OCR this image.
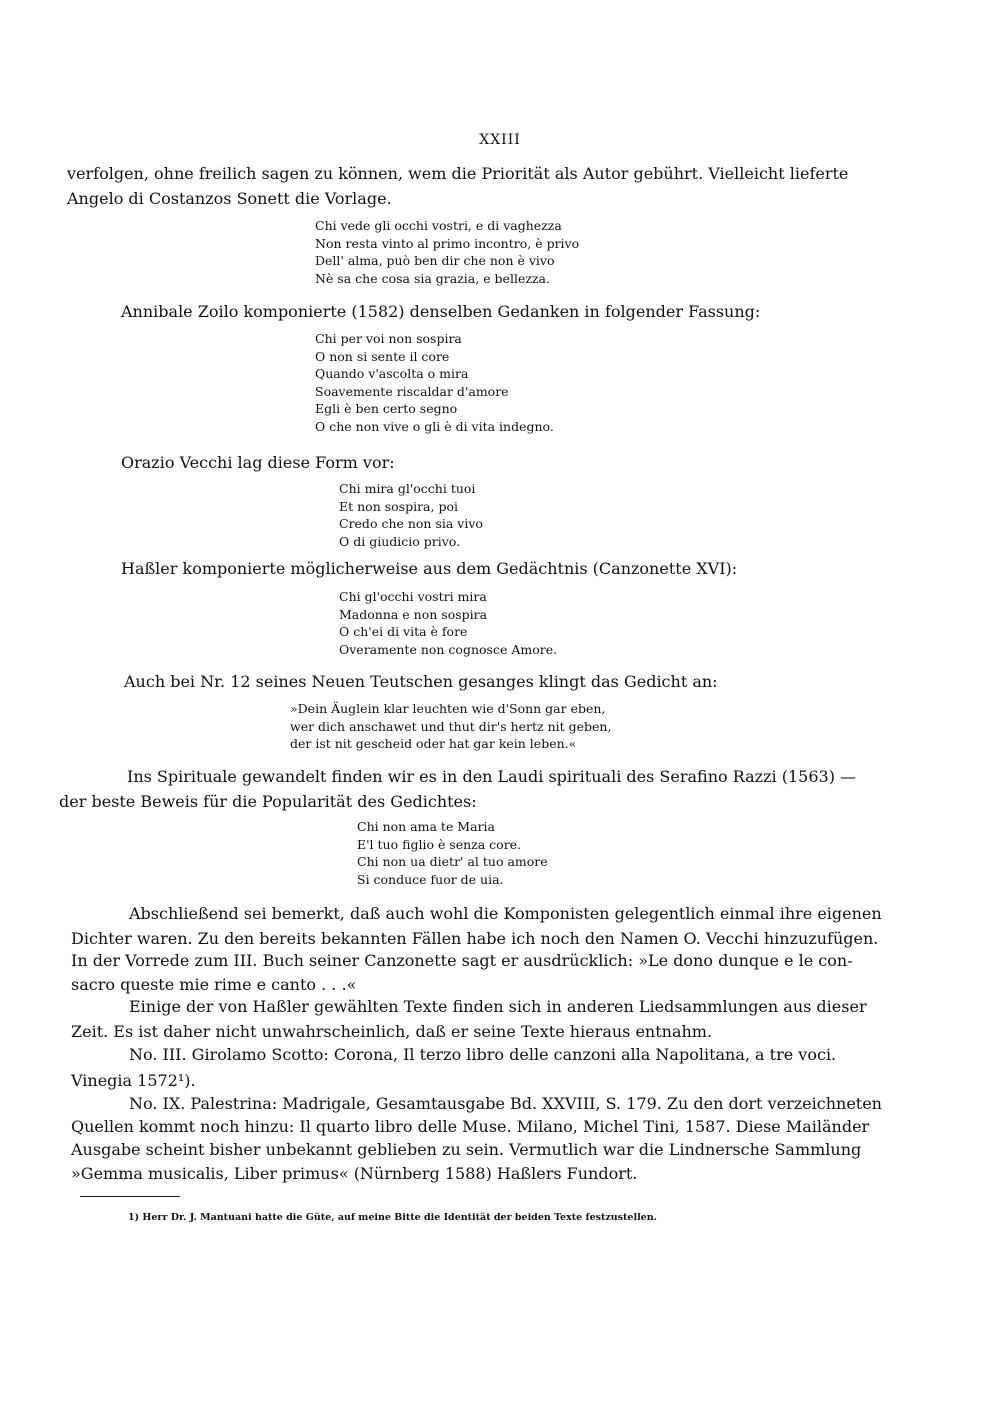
XXIII
verfolgen, ohne freilich sagen zu können, wem die Priorität als Autor gebührt. Vielleicht lieferte
Angelo di Costanzos Sonett die Vorlage.
Chi vede gli occhi vostri, e di vaghezza
Non resta vinto al primo incontro, è privo
Dell' alma, può ben dir che non è vivo
Nè sa che cosa sia grazia, e bellezza.
Annibale Zoilo komponierte (1582) denselben Gedanken in folgender Fassung:
Chi per voi non sospira
O non si sente il core
Quando v'ascolta o mira
Soavemente riscaldar d'amore
Egli è ben certo segno
O che non vive o gli è di vita indegno.
Orazio Vecchi lag diese Form vor:
Chi mira gl'occhi tuoi
Et non sospira, poi
Credo che non sia vivo
O di giudicio privo.
Haßler komponierte möglicherweise aus dem Gedächtnis (Canzonette XVI):
Chi gl'occhi vostri mira
Madonna e non sospira
O ch'ei di vita è fore
Overamente non cognosce Amore.
Auch bei Nr. 12 seines Neuen Teutschen gesanges klingt das Gedicht an:
»Dein Äuglein klar leuchten wie d'Sonn gar eben,
wer dich anschawet und thut dir's hertz nit geben,
der ist nit gescheid oder hat gar kein leben.«
Ins Spirituale gewandelt finden wir es in den Laudi spirituali des Serafino Razzi (1563) —
der beste Beweis für die Popularität des Gedichtes:
Chi non ama te Maria
E'l tuo figlio è senza core.
Chi non ua dietr' al tuo amore
Si conduce fuor de uia.
Abschließend sei bemerkt, daß auch wohl die Komponisten gelegentlich einmal ihre eigenen
Dichter waren. Zu den bereits bekannten Fällen habe ich noch den Namen O. Vecchi hinzuzufügen.
In der Vorrede zum III. Buch seiner Canzonette sagt er ausdrücklich: »Le dono dunque e le con-
sacro queste mie rime e canto . . .«
Einige der von Haßler gewählten Texte finden sich in anderen Liedsammlungen aus dieser
Zeit. Es ist daher nicht unwahrscheinlich, daß er seine Texte hieraus entnahm.
No. III. Girolamo Scotto: Corona, Il terzo libro delle canzoni alla Napolitana, a tre voci.
Vinegia 1572¹).
No. IX. Palestrina: Madrigale, Gesamtausgabe Bd. XXVIII, S. 179. Zu den dort verzeichneten
Quellen kommt noch hinzu: Il quarto libro delle Muse. Milano, Michel Tini, 1587. Diese Mailänder
Ausgabe scheint bisher unbekannt geblieben zu sein. Vermutlich war die Lindnersche Sammlung
»Gemma musicalis, Liber primus« (Nürnberg 1588) Haßlers Fundort.
1) Herr Dr. J. Mantuani hatte die Güte, auf meine Bitte die Identität der beiden Texte festzustellen.
